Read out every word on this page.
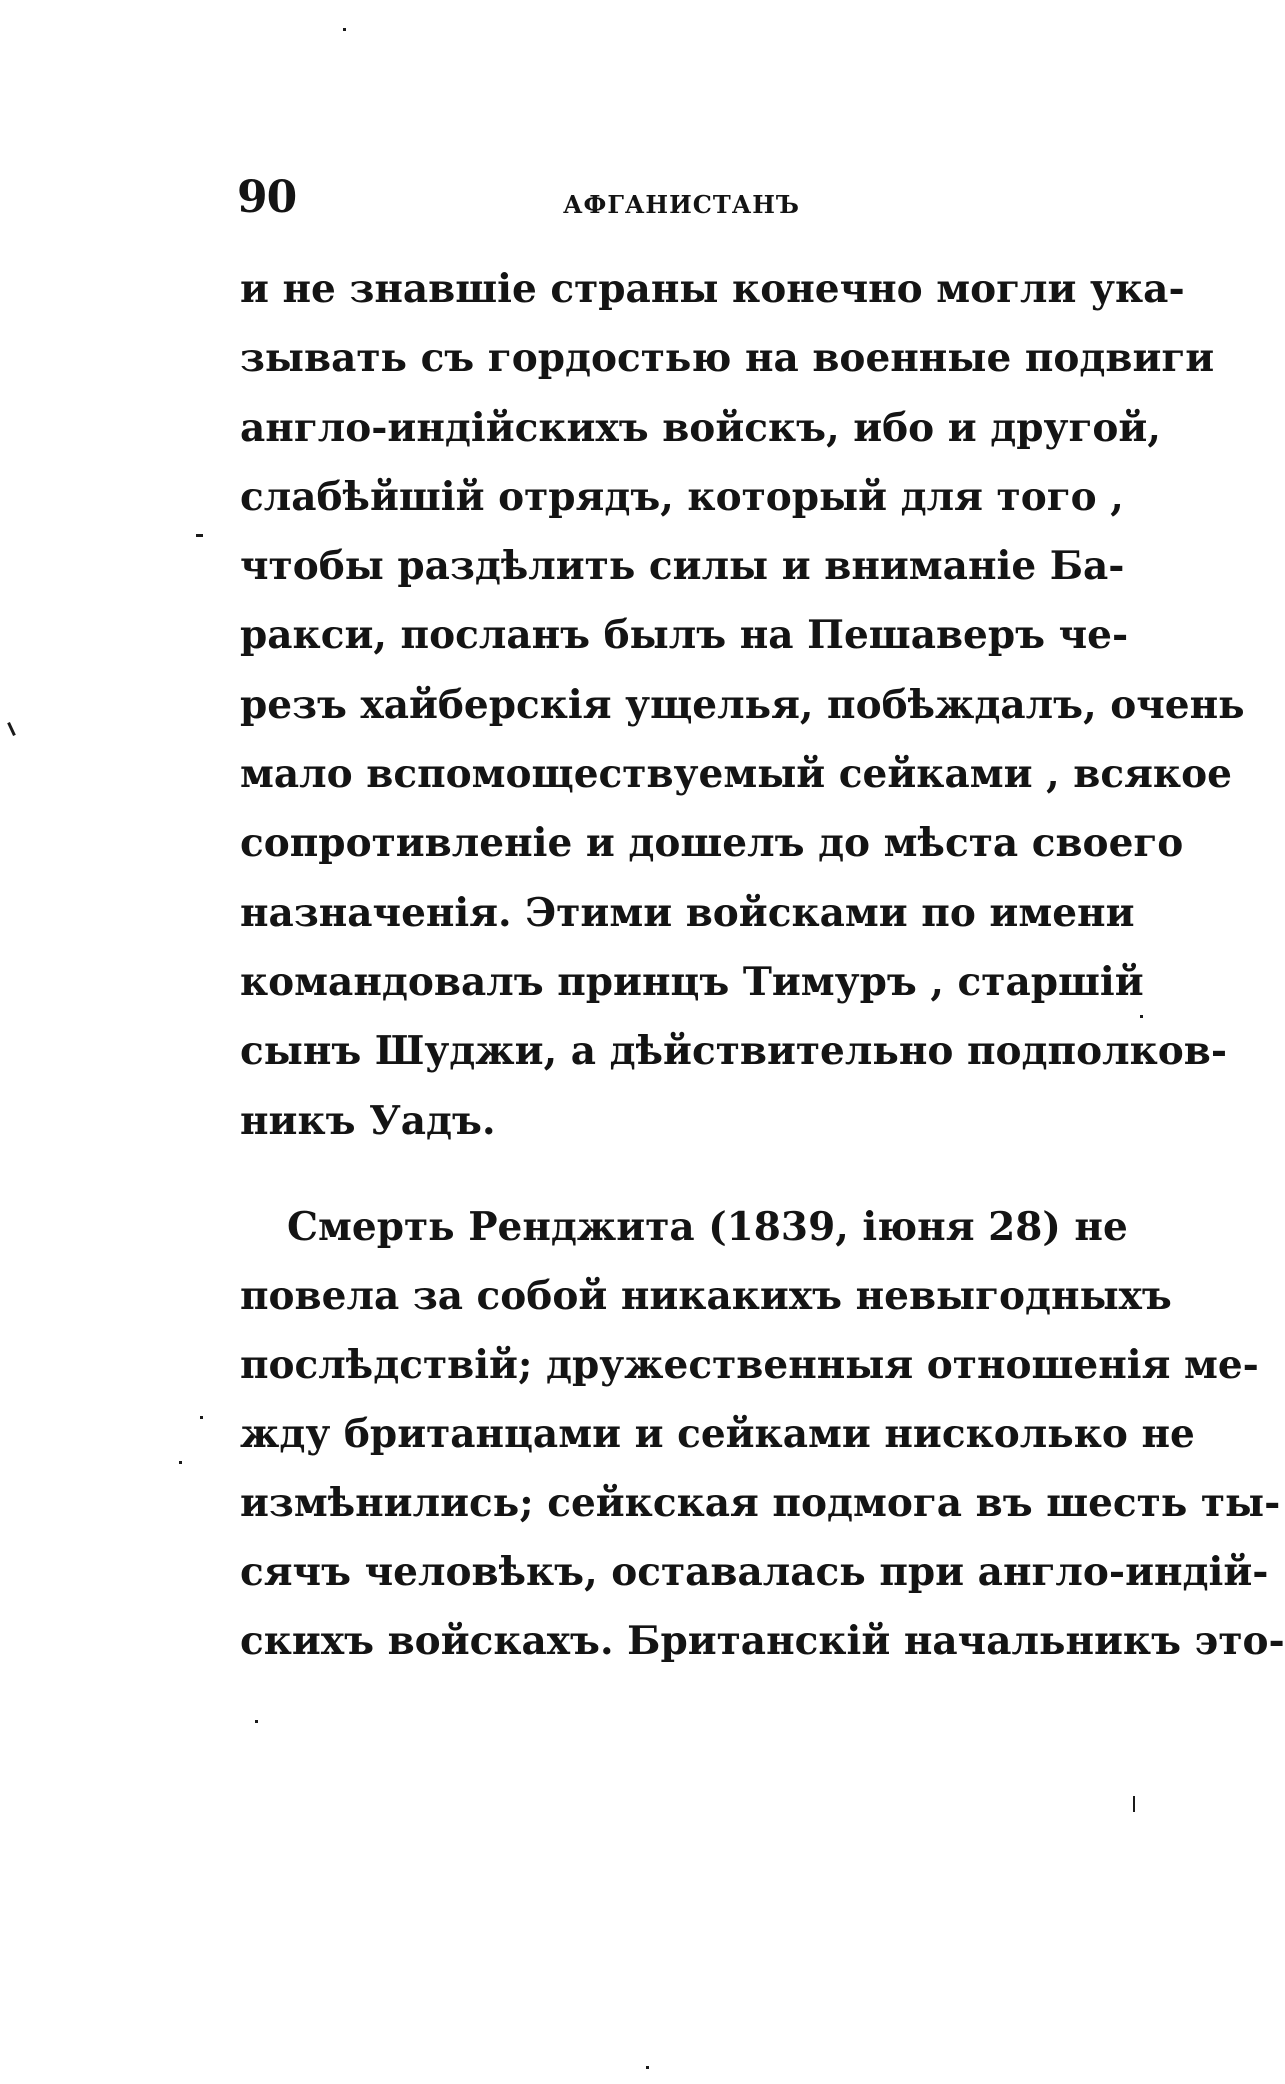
90	АФГАНИСТАНЪ
и не знавшіе страны конечно могли ука-
зывать съ гордостью на военные подвиги
англо-индійскихъ войскъ, ибо и другой,
слабѣйшій отрядъ, который для того ,
чтобы раздѣлить силы и вниманіе Ба-
ракси, посланъ былъ на Пешаверъ че-
резъ хайберскія ущелья, побѣждалъ, очень
мало вспомоществуемый сейками , всякое
сопротивленіе и дошелъ до мѣста своего
назначенія. Этими войсками по имени
командовалъ принцъ Тимуръ , старшій
сынъ Шуджи, а дѣйствительно подполков-
никъ Уадъ.
Смерть Ренджита (1839, іюня 28) не
повела за собой никакихъ невыгодныхъ
послѣдствій; дружественныя отношенія ме-
жду британцами и сейками нисколько не
измѣнились; сейкская подмога въ шесть ты-
сячъ человѣкъ, оставалась при англо-индій-
скихъ войскахъ. Британскій начальникъ это-
